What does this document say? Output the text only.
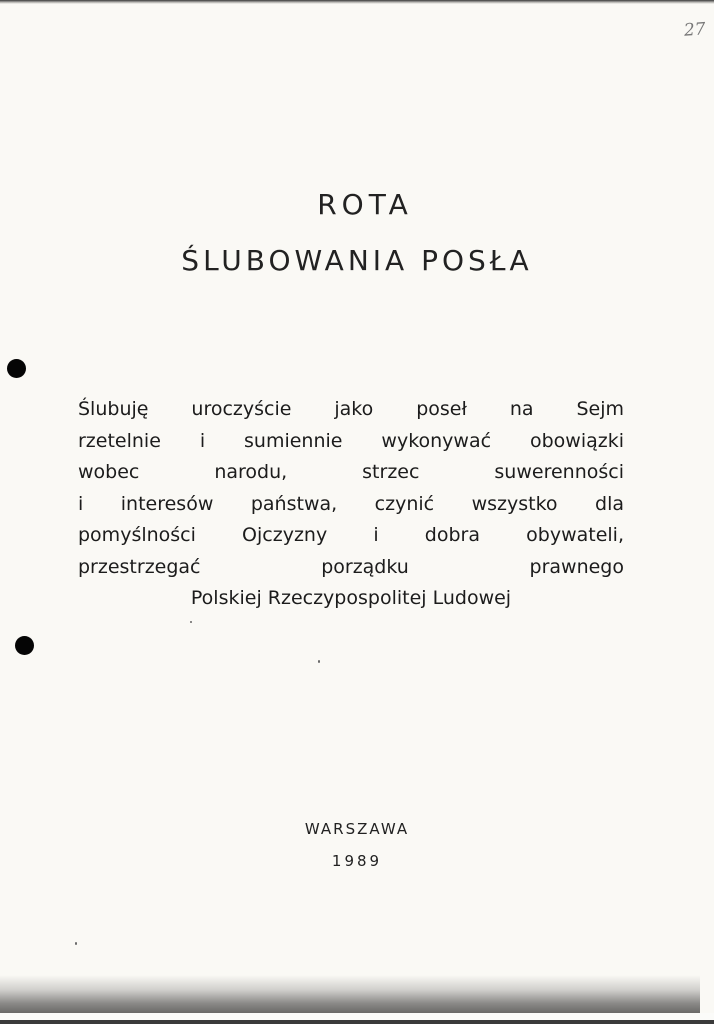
27
ROTA
ŚLUBOWANIA POSŁA
Ślubuję uroczyście jako poseł na Sejm
rzetelnie i sumiennie wykonywać obowiązki
wobec narodu, strzec suwerenności
i interesów państwa, czynić wszystko dla
pomyślności Ojczyzny i dobra obywateli,
przestrzegać porządku prawnego
Polskiej Rzeczypospolitej Ludowej
WARSZAWA
1989
